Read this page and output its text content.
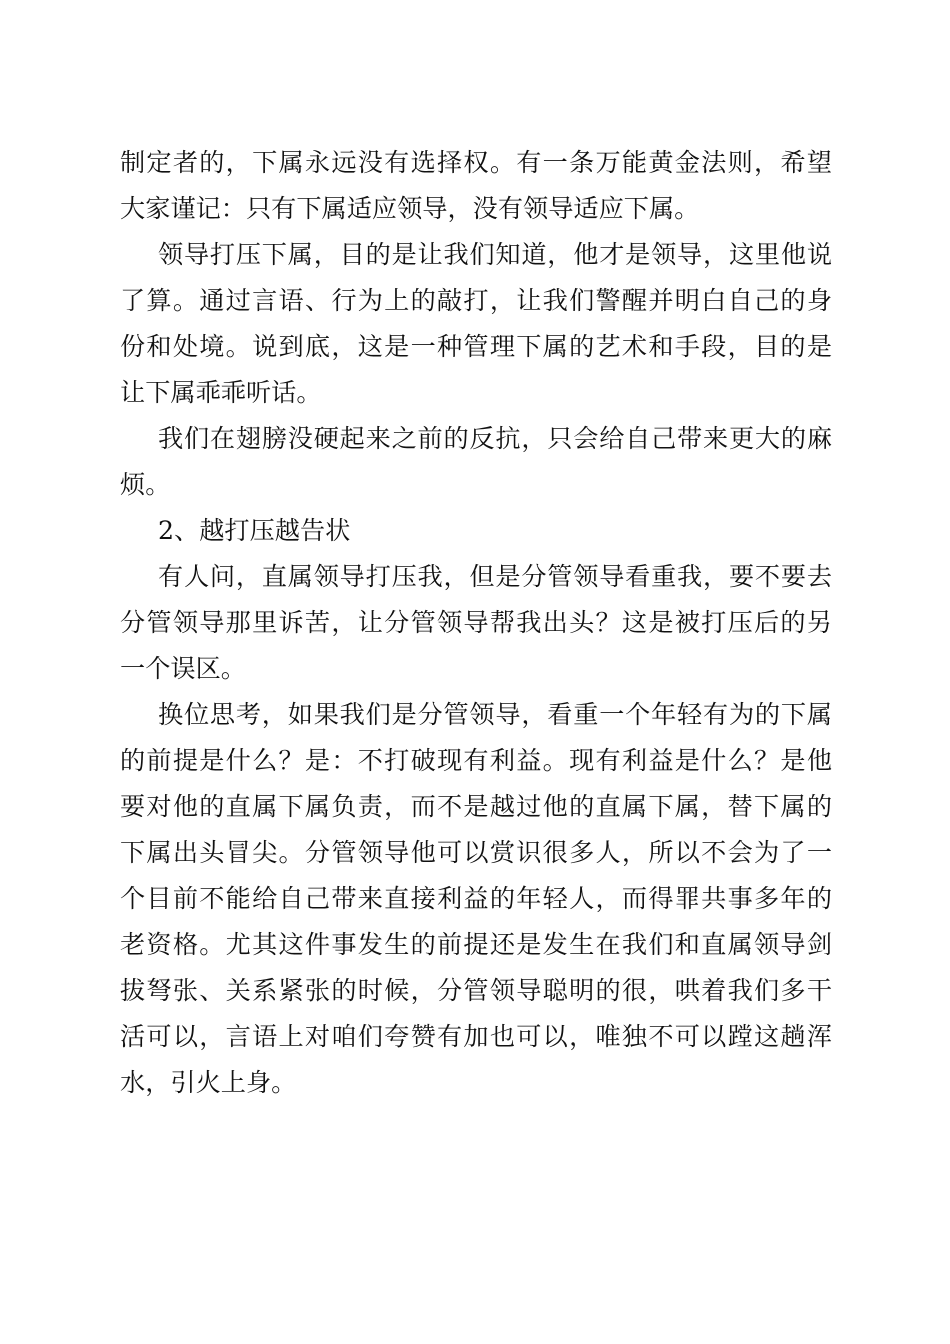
制定者的，下属永远没有选择权。有一条万能黄金法则，希望

大家谨记：只有下属适应领导，没有领导适应下属。

领导打压下属，目的是让我们知道，他才是领导，这里他说

了算。通过言语、行为上的敲打，让我们警醒并明白自己的身

份和处境。说到底，这是一种管理下属的艺术和手段，目的是

让下属乖乖听话。

我们在翅膀没硬起来之前的反抗，只会给自己带来更大的麻

烦。

2、越打压越告状

有人问，直属领导打压我，但是分管领导看重我，要不要去

分管领导那里诉苦，让分管领导帮我出头？这是被打压后的另

一个误区。

换位思考，如果我们是分管领导，看重一个年轻有为的下属

的前提是什么？是：不打破现有利益。现有利益是什么？是他

要对他的直属下属负责，而不是越过他的直属下属，替下属的

下属出头冒尖。分管领导他可以赏识很多人，所以不会为了一

个目前不能给自己带来直接利益的年轻人，而得罪共事多年的

老资格。尤其这件事发生的前提还是发生在我们和直属领导剑

拔弩张、关系紧张的时候，分管领导聪明的很，哄着我们多干

活可以，言语上对咱们夸赞有加也可以，唯独不可以蹚这趟浑

水，引火上身。
